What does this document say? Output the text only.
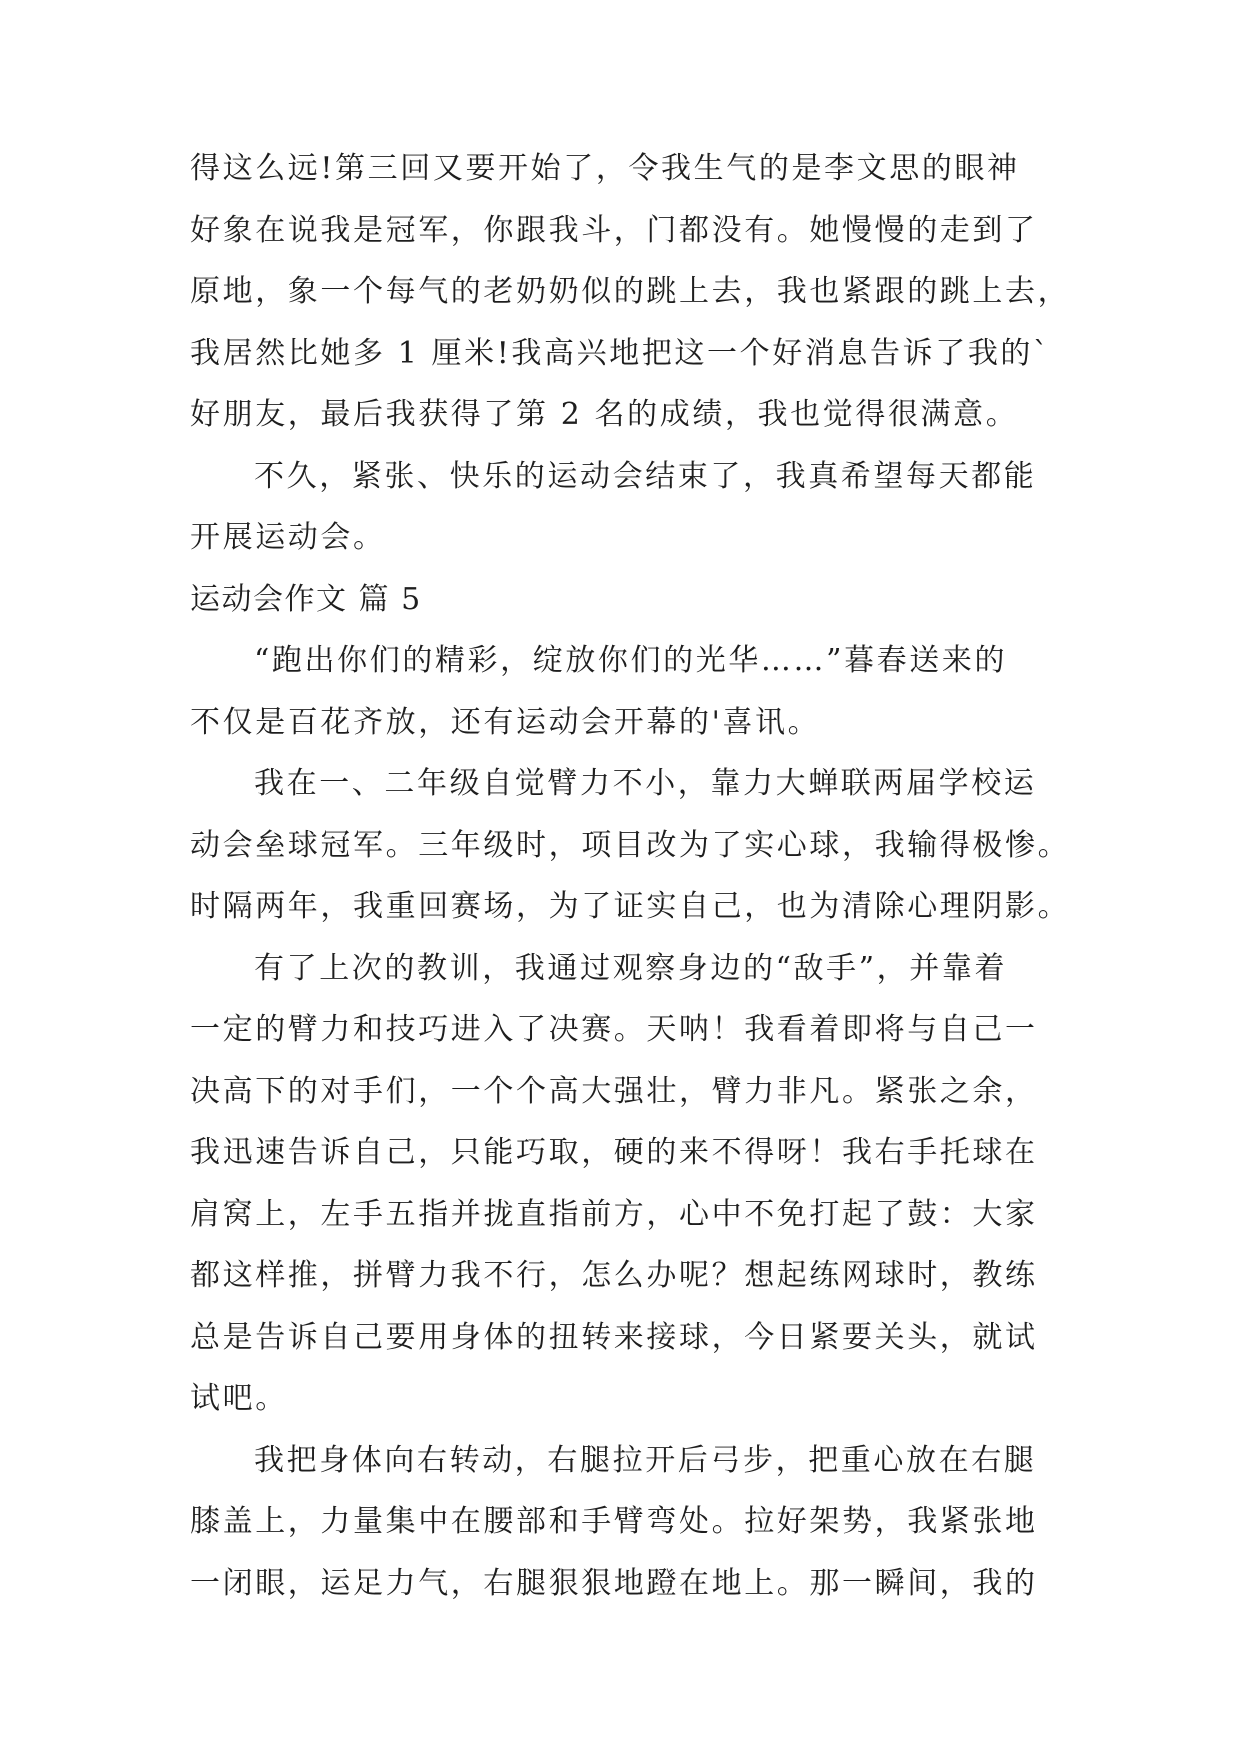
得这么远!第三回又要开始了，令我生气的是李文思的眼神
好象在说我是冠军，你跟我斗，门都没有。她慢慢的走到了
原地，象一个每气的老奶奶似的跳上去，我也紧跟的跳上去，
我居然比她多 1 厘米!我高兴地把这一个好消息告诉了我的`
好朋友，最后我获得了第 2 名的成绩，我也觉得很满意。
不久，紧张、快乐的运动会结束了，我真希望每天都能
开展运动会。
运动会作文 篇 5
“跑出你们的精彩，绽放你们的光华……”暮春送来的
不仅是百花齐放，还有运动会开幕的'喜讯。
我在一、二年级自觉臂力不小，靠力大蝉联两届学校运
动会垒球冠军。三年级时，项目改为了实心球，我输得极惨。
时隔两年，我重回赛场，为了证实自己，也为清除心理阴影。
有了上次的教训，我通过观察身边的“敌手”，并靠着
一定的臂力和技巧进入了决赛。天呐！我看着即将与自己一
决高下的对手们，一个个高大强壮，臂力非凡。紧张之余，
我迅速告诉自己，只能巧取，硬的来不得呀！我右手托球在
肩窝上，左手五指并拢直指前方，心中不免打起了鼓：大家
都这样推，拼臂力我不行，怎么办呢？想起练网球时，教练
总是告诉自己要用身体的扭转来接球，今日紧要关头，就试
试吧。
我把身体向右转动，右腿拉开后弓步，把重心放在右腿
膝盖上，力量集中在腰部和手臂弯处。拉好架势，我紧张地
一闭眼，运足力气，右腿狠狠地蹬在地上。那一瞬间，我的
